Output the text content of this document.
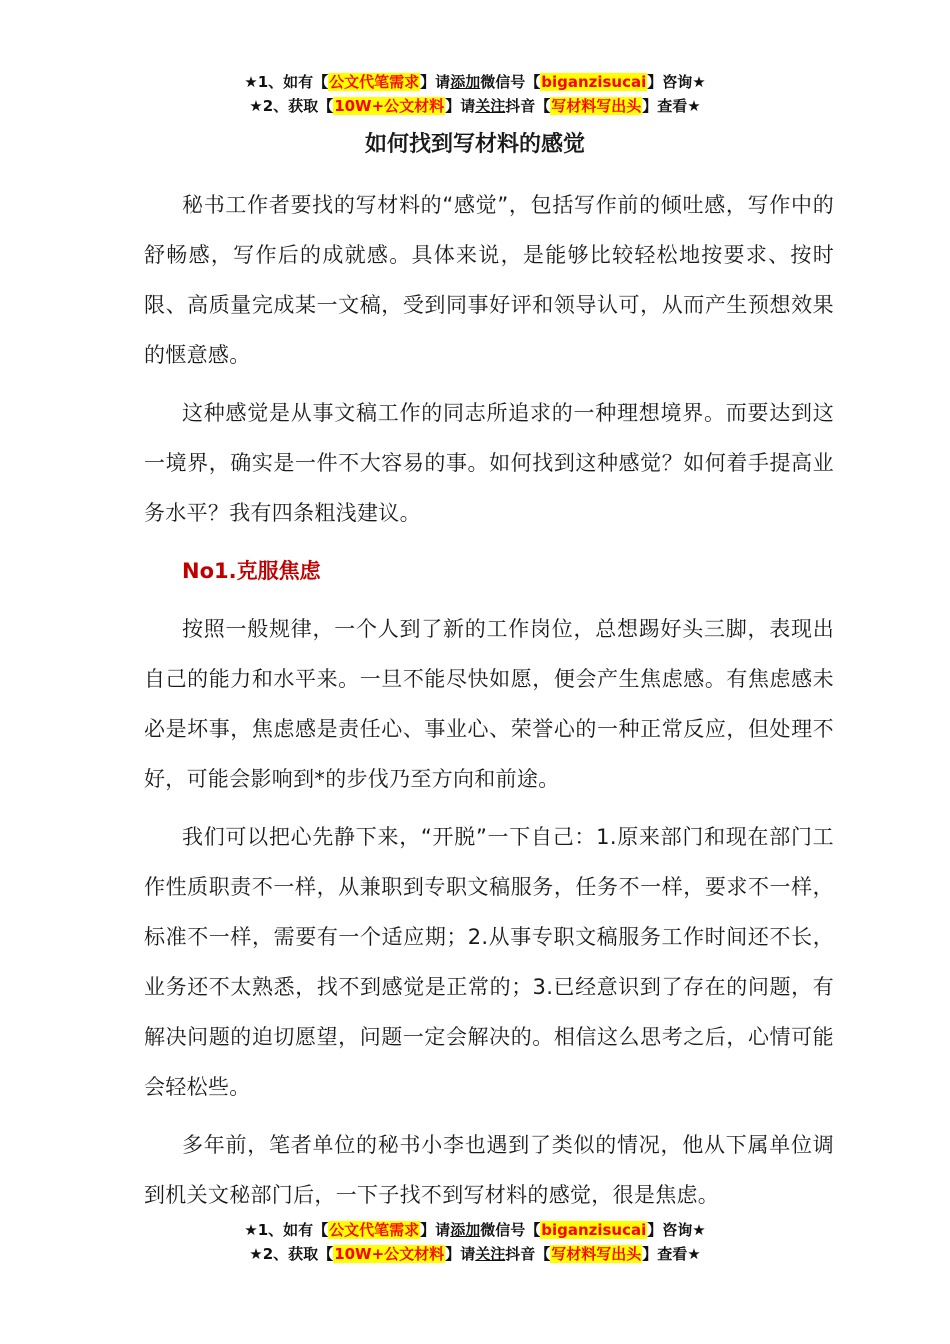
★1、如有【公文代笔需求】请添加微信号【biganzisucai】咨询★
★2、获取【10W+公文材料】请关注抖音【写材料写出头】查看★
如何找到写材料的感觉

秘书工作者要找的写材料的“感觉”，包括写作前的倾吐感，写作中的舒畅感，写作后的成就感。具体来说，是能够比较轻松地按要求、按时限、高质量完成某一文稿，受到同事好评和领导认可，从而产生预想效果的惬意感。

这种感觉是从事文稿工作的同志所追求的一种理想境界。而要达到这一境界，确实是一件不大容易的事。如何找到这种感觉？如何着手提高业务水平？我有四条粗浅建议。

No1.克服焦虑

按照一般规律，一个人到了新的工作岗位，总想踢好头三脚，表现出自己的能力和水平来。一旦不能尽快如愿，便会产生焦虑感。有焦虑感未必是坏事，焦虑感是责任心、事业心、荣誉心的一种正常反应，但处理不好，可能会影响到*的步伐乃至方向和前途。

我们可以把心先静下来，“开脱”一下自己：1.原来部门和现在部门工作性质职责不一样，从兼职到专职文稿服务，任务不一样，要求不一样，标准不一样，需要有一个适应期；2.从事专职文稿服务工作时间还不长，业务还不太熟悉，找不到感觉是正常的；3.已经意识到了存在的问题，有解决问题的迫切愿望，问题一定会解决的。相信这么思考之后，心情可能会轻松些。

多年前，笔者单位的秘书小李也遇到了类似的情况，他从下属单位调到机关文秘部门后，一下子找不到写材料的感觉，很是焦虑。

★1、如有【公文代笔需求】请添加微信号【biganzisucai】咨询★
★2、获取【10W+公文材料】请关注抖音【写材料写出头】查看★
